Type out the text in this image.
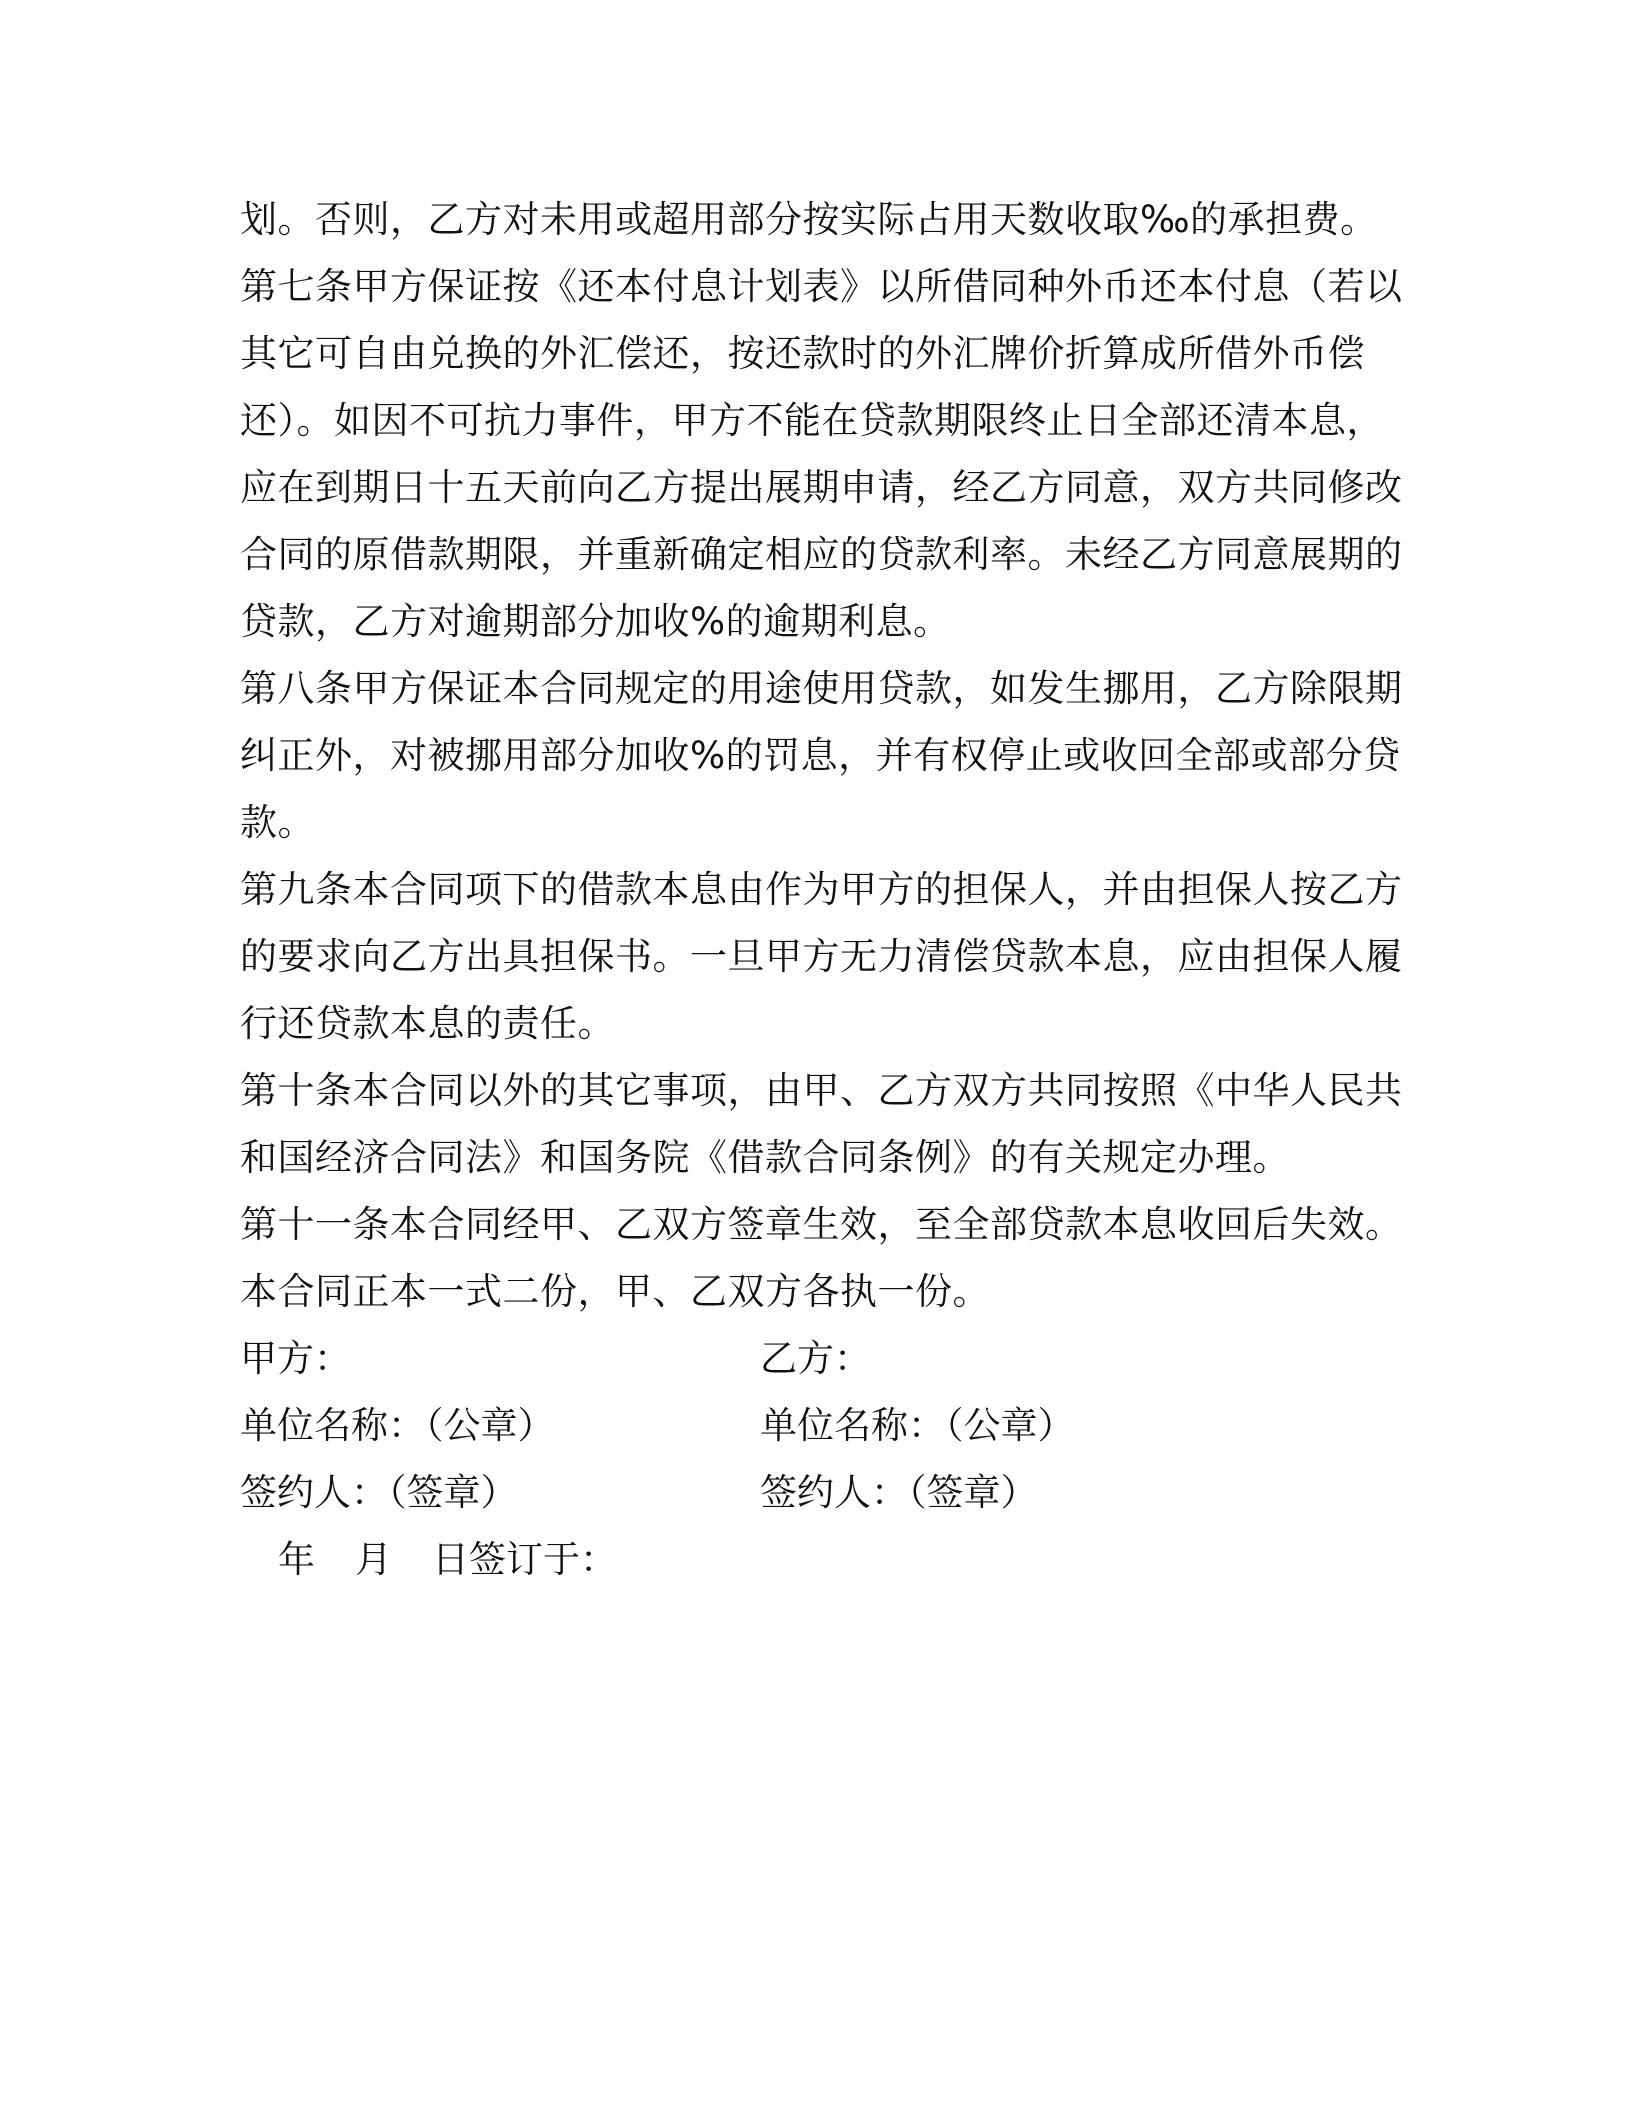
划。否则，乙方对未用或超用部分按实际占用天数收取‰的承担费。
第七条甲方保证按《还本付息计划表》以所借同种外币还本付息（若以
其它可自由兑换的外汇偿还，按还款时的外汇牌价折算成所借外币偿
还）。如因不可抗力事件，甲方不能在贷款期限终止日全部还清本息，
应在到期日十五天前向乙方提出展期申请，经乙方同意，双方共同修改
合同的原借款期限，并重新确定相应的贷款利率。未经乙方同意展期的
贷款，乙方对逾期部分加收%的逾期利息。
第八条甲方保证本合同规定的用途使用贷款，如发生挪用，乙方除限期
纠正外，对被挪用部分加收%的罚息，并有权停止或收回全部或部分贷
款。
第九条本合同项下的借款本息由作为甲方的担保人，并由担保人按乙方
的要求向乙方出具担保书。一旦甲方无力清偿贷款本息，应由担保人履
行还贷款本息的责任。
第十条本合同以外的其它事项，由甲、乙方双方共同按照《中华人民共
和国经济合同法》和国务院《借款合同条例》的有关规定办理。
第十一条本合同经甲、乙双方签章生效，至全部贷款本息收回后失效。
本合同正本一式二份，甲、乙双方各执一份。
甲方：	乙方：
单位名称：（公章）	单位名称：（公章）
签约人：（签章）	签约人：（签章）
年 月 日签订于：
